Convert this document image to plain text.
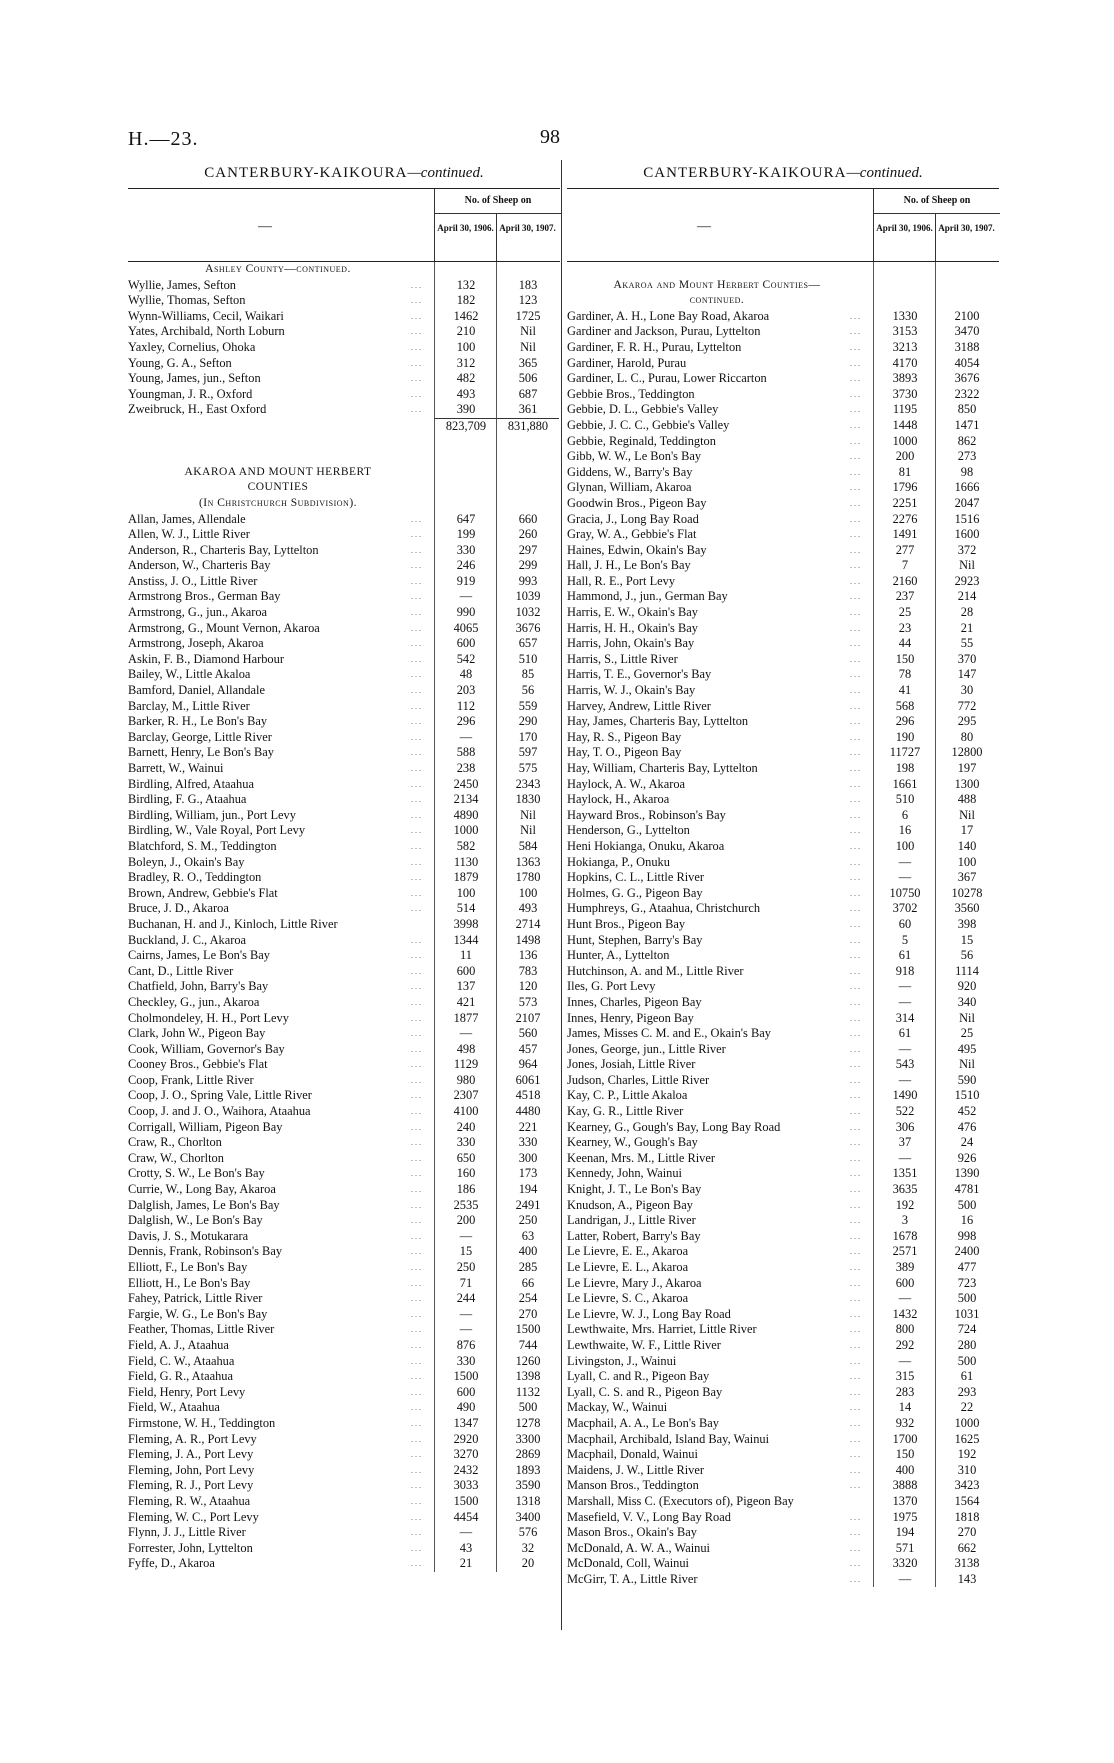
H.—23.	98
CANTERBURY-KAIKOURA—continued.
—
No. of Sheep on
April 30, 1906. April 30, 1907.
Ashley County—continued.
Wyllie, James, Sefton	. . .	132	183
Wyllie, Thomas, Sefton	. . .	182	123
Wynn-Williams, Cecil, Waikari	. . .	1462	1725
Yates, Archibald, North Loburn	. . .	210	Nil
Yaxley, Cornelius, Ohoka	. . .	100	Nil
Young, G. A., Sefton	. . .	312	365
Young, James, jun., Sefton	. . .	482	506
Youngman, J. R., Oxford	. . .	493	687
Zweibruck, H., East Oxford	. . .	390	361
823,709	831,880
AKAROA AND MOUNT HERBERT
COUNTIES
(In Christchurch Subdivision).
Allan, James, Allendale	. . .	647	660
Allen, W. J., Little River	. . .	199	260
Anderson, R., Charteris Bay, Lyttelton	. . .	330	297
Anderson, W., Charteris Bay	. . .	246	299
Anstiss, J. O., Little River	. . .	919	993
Armstrong Bros., German Bay	. . .	—	1039
Armstrong, G., jun., Akaroa	. . .	990	1032
Armstrong, G., Mount Vernon, Akaroa	. . .	4065	3676
Armstrong, Joseph, Akaroa	. . .	600	657
Askin, F. B., Diamond Harbour	. . .	542	510
Bailey, W., Little Akaloa	. . .	48	85
Bamford, Daniel, Allandale	. . .	203	56
Barclay, M., Little River	. . .	112	559
Barker, R. H., Le Bon's Bay	. . .	296	290
Barclay, George, Little River	. . .	—	170
Barnett, Henry, Le Bon's Bay	. . .	588	597
Barrett, W., Wainui	. . .	238	575
Birdling, Alfred, Ataahua	. . .	2450	2343
Birdling, F. G., Ataahua	. . .	2134	1830
Birdling, William, jun., Port Levy	. . .	4890	Nil
Birdling, W., Vale Royal, Port Levy	. . .	1000	Nil
Blatchford, S. M., Teddington	. . .	582	584
Boleyn, J., Okain's Bay	. . .	1130	1363
Bradley, R. O., Teddington	. . .	1879	1780
Brown, Andrew, Gebbie's Flat	. . .	100	100
Bruce, J. D., Akaroa	. . .	514	493
Buchanan, H. and J., Kinloch, Little River	3998	2714
Buckland, J. C., Akaroa	. . .	1344	1498
Cairns, James, Le Bon's Bay	. . .	11	136
Cant, D., Little River	. . .	600	783
Chatfield, John, Barry's Bay	. . .	137	120
Checkley, G., jun., Akaroa	. . .	421	573
Cholmondeley, H. H., Port Levy	. . .	1877	2107
Clark, John W., Pigeon Bay	. . .	—	560
Cook, William, Governor's Bay	. . .	498	457
Cooney Bros., Gebbie's Flat	. . .	1129	964
Coop, Frank, Little River	. . .	980	6061
Coop, J. O., Spring Vale, Little River	. . .	2307	4518
Coop, J. and J. O., Waihora, Ataahua	. . .	4100	4480
Corrigall, William, Pigeon Bay	. . .	240	221
Craw, R., Chorlton	. . .	330	330
Craw, W., Chorlton	. . .	650	300
Crotty, S. W., Le Bon's Bay	. . .	160	173
Currie, W., Long Bay, Akaroa	. . .	186	194
Dalglish, James, Le Bon's Bay	. . .	2535	2491
Dalglish, W., Le Bon's Bay	. . .	200	250
Davis, J. S., Motukarara	. . .	—	63
Dennis, Frank, Robinson's Bay	. . .	15	400
Elliott, F., Le Bon's Bay	. . .	250	285
Elliott, H., Le Bon's Bay	. . .	71	66
Fahey, Patrick, Little River	. . .	244	254
Fargie, W. G., Le Bon's Bay	. . .	—	270
Feather, Thomas, Little River	. . .	—	1500
Field, A. J., Ataahua	. . .	876	744
Field, C. W., Ataahua	. . .	330	1260
Field, G. R., Ataahua	. . .	1500	1398
Field, Henry, Port Levy	. . .	600	1132
Field, W., Ataahua	. . .	490	500
Firmstone, W. H., Teddington	. . .	1347	1278
Fleming, A. R., Port Levy	. . .	2920	3300
Fleming, J. A., Port Levy	. . .	3270	2869
Fleming, John, Port Levy	. . .	2432	1893
Fleming, R. J., Port Levy	. . .	3033	3590
Fleming, R. W., Ataahua	. . .	1500	1318
Fleming, W. C., Port Levy	. . .	4454	3400
Flynn, J. J., Little River	. . .	—	576
Forrester, John, Lyttelton	. . .	43	32
Fyffe, D., Akaroa	. . .	21	20
CANTERBURY-KAIKOURA—continued.
—
No. of Sheep on
April 30, 1906. April 30, 1907.
Akaroa and Mount Herbert Counties—
continued.
Gardiner, A. H., Lone Bay Road, Akaroa	. . .	1330	2100
Gardiner and Jackson, Purau, Lyttelton	. . .	3153	3470
Gardiner, F. R. H., Purau, Lyttelton	. . .	3213	3188
Gardiner, Harold, Purau	. . .	4170	4054
Gardiner, L. C., Purau, Lower Riccarton	. . .	3893	3676
Gebbie Bros., Teddington	. . .	3730	2322
Gebbie, D. L., Gebbie's Valley	. . .	1195	850
Gebbie, J. C. C., Gebbie's Valley	. . .	1448	1471
Gebbie, Reginald, Teddington	. . .	1000	862
Gibb, W. W., Le Bon's Bay	. . .	200	273
Giddens, W., Barry's Bay	. . .	81	98
Glynan, William, Akaroa	. . .	1796	1666
Goodwin Bros., Pigeon Bay	. . .	2251	2047
Gracia, J., Long Bay Road	. . .	2276	1516
Gray, W. A., Gebbie's Flat	. . .	1491	1600
Haines, Edwin, Okain's Bay	. . .	277	372
Hall, J. H., Le Bon's Bay	. . .	7	Nil
Hall, R. E., Port Levy	. . .	2160	2923
Hammond, J., jun., German Bay	. . .	237	214
Harris, E. W., Okain's Bay	. . .	25	28
Harris, H. H., Okain's Bay	. . .	23	21
Harris, John, Okain's Bay	. . .	44	55
Harris, S., Little River	. . .	150	370
Harris, T. E., Governor's Bay	. . .	78	147
Harris, W. J., Okain's Bay	. . .	41	30
Harvey, Andrew, Little River	. . .	568	772
Hay, James, Charteris Bay, Lyttelton	. . .	296	295
Hay, R. S., Pigeon Bay	. . .	190	80
Hay, T. O., Pigeon Bay	. . .	11727	12800
Hay, William, Charteris Bay, Lyttelton	. . .	198	197
Haylock, A. W., Akaroa	. . .	1661	1300
Haylock, H., Akaroa	. . .	510	488
Hayward Bros., Robinson's Bay	. . .	6	Nil
Henderson, G., Lyttelton	. . .	16	17
Heni Hokianga, Onuku, Akaroa	. . .	100	140
Hokianga, P., Onuku	. . .	—	100
Hopkins, C. L., Little River	. . .	—	367
Holmes, G. G., Pigeon Bay	. . .	10750	10278
Humphreys, G., Ataahua, Christchurch	. . .	3702	3560
Hunt Bros., Pigeon Bay	. . .	60	398
Hunt, Stephen, Barry's Bay	. . .	5	15
Hunter, A., Lyttelton	. . .	61	56
Hutchinson, A. and M., Little River	. . .	918	1114
Iles, G. Port Levy	. . .	—	920
Innes, Charles, Pigeon Bay	. . .	—	340
Innes, Henry, Pigeon Bay	. . .	314	Nil
James, Misses C. M. and E., Okain's Bay	. . .	61	25
Jones, George, jun., Little River	. . .	—	495
Jones, Josiah, Little River	. . .	543	Nil
Judson, Charles, Little River	. . .	—	590
Kay, C. P., Little Akaloa	. . .	1490	1510
Kay, G. R., Little River	. . .	522	452
Kearney, G., Gough's Bay, Long Bay Road	. . .	306	476
Kearney, W., Gough's Bay	. . .	37	24
Keenan, Mrs. M., Little River	. . .	—	926
Kennedy, John, Wainui	. . .	1351	1390
Knight, J. T., Le Bon's Bay	. . .	3635	4781
Knudson, A., Pigeon Bay	. . .	192	500
Landrigan, J., Little River	. . .	3	16
Latter, Robert, Barry's Bay	. . .	1678	998
Le Lievre, E. E., Akaroa	. . .	2571	2400
Le Lievre, E. L., Akaroa	. . .	389	477
Le Lievre, Mary J., Akaroa	. . .	600	723
Le Lievre, S. C., Akaroa	. . .	—	500
Le Lievre, W. J., Long Bay Road	. . .	1432	1031
Lewthwaite, Mrs. Harriet, Little River	. . .	800	724
Lewthwaite, W. F., Little River	. . .	292	280
Livingston, J., Wainui	. . .	—	500
Lyall, C. and R., Pigeon Bay	. . .	315	61
Lyall, C. S. and R., Pigeon Bay	. . .	283	293
Mackay, W., Wainui	. . .	14	22
Macphail, A. A., Le Bon's Bay	. . .	932	1000
Macphail, Archibald, Island Bay, Wainui	. . .	1700	1625
Macphail, Donald, Wainui	. . .	150	192
Maidens, J. W., Little River	. . .	400	310
Manson Bros., Teddington	. . .	3888	3423
Marshall, Miss C. (Executors of), Pigeon Bay	1370	1564
Masefield, V. V., Long Bay Road	. . .	1975	1818
Mason Bros., Okain's Bay	. . .	194	270
McDonald, A. W. A., Wainui	. . .	571	662
McDonald, Coll, Wainui	. . .	3320	3138
McGirr, T. A., Little River	. . .	—	143
